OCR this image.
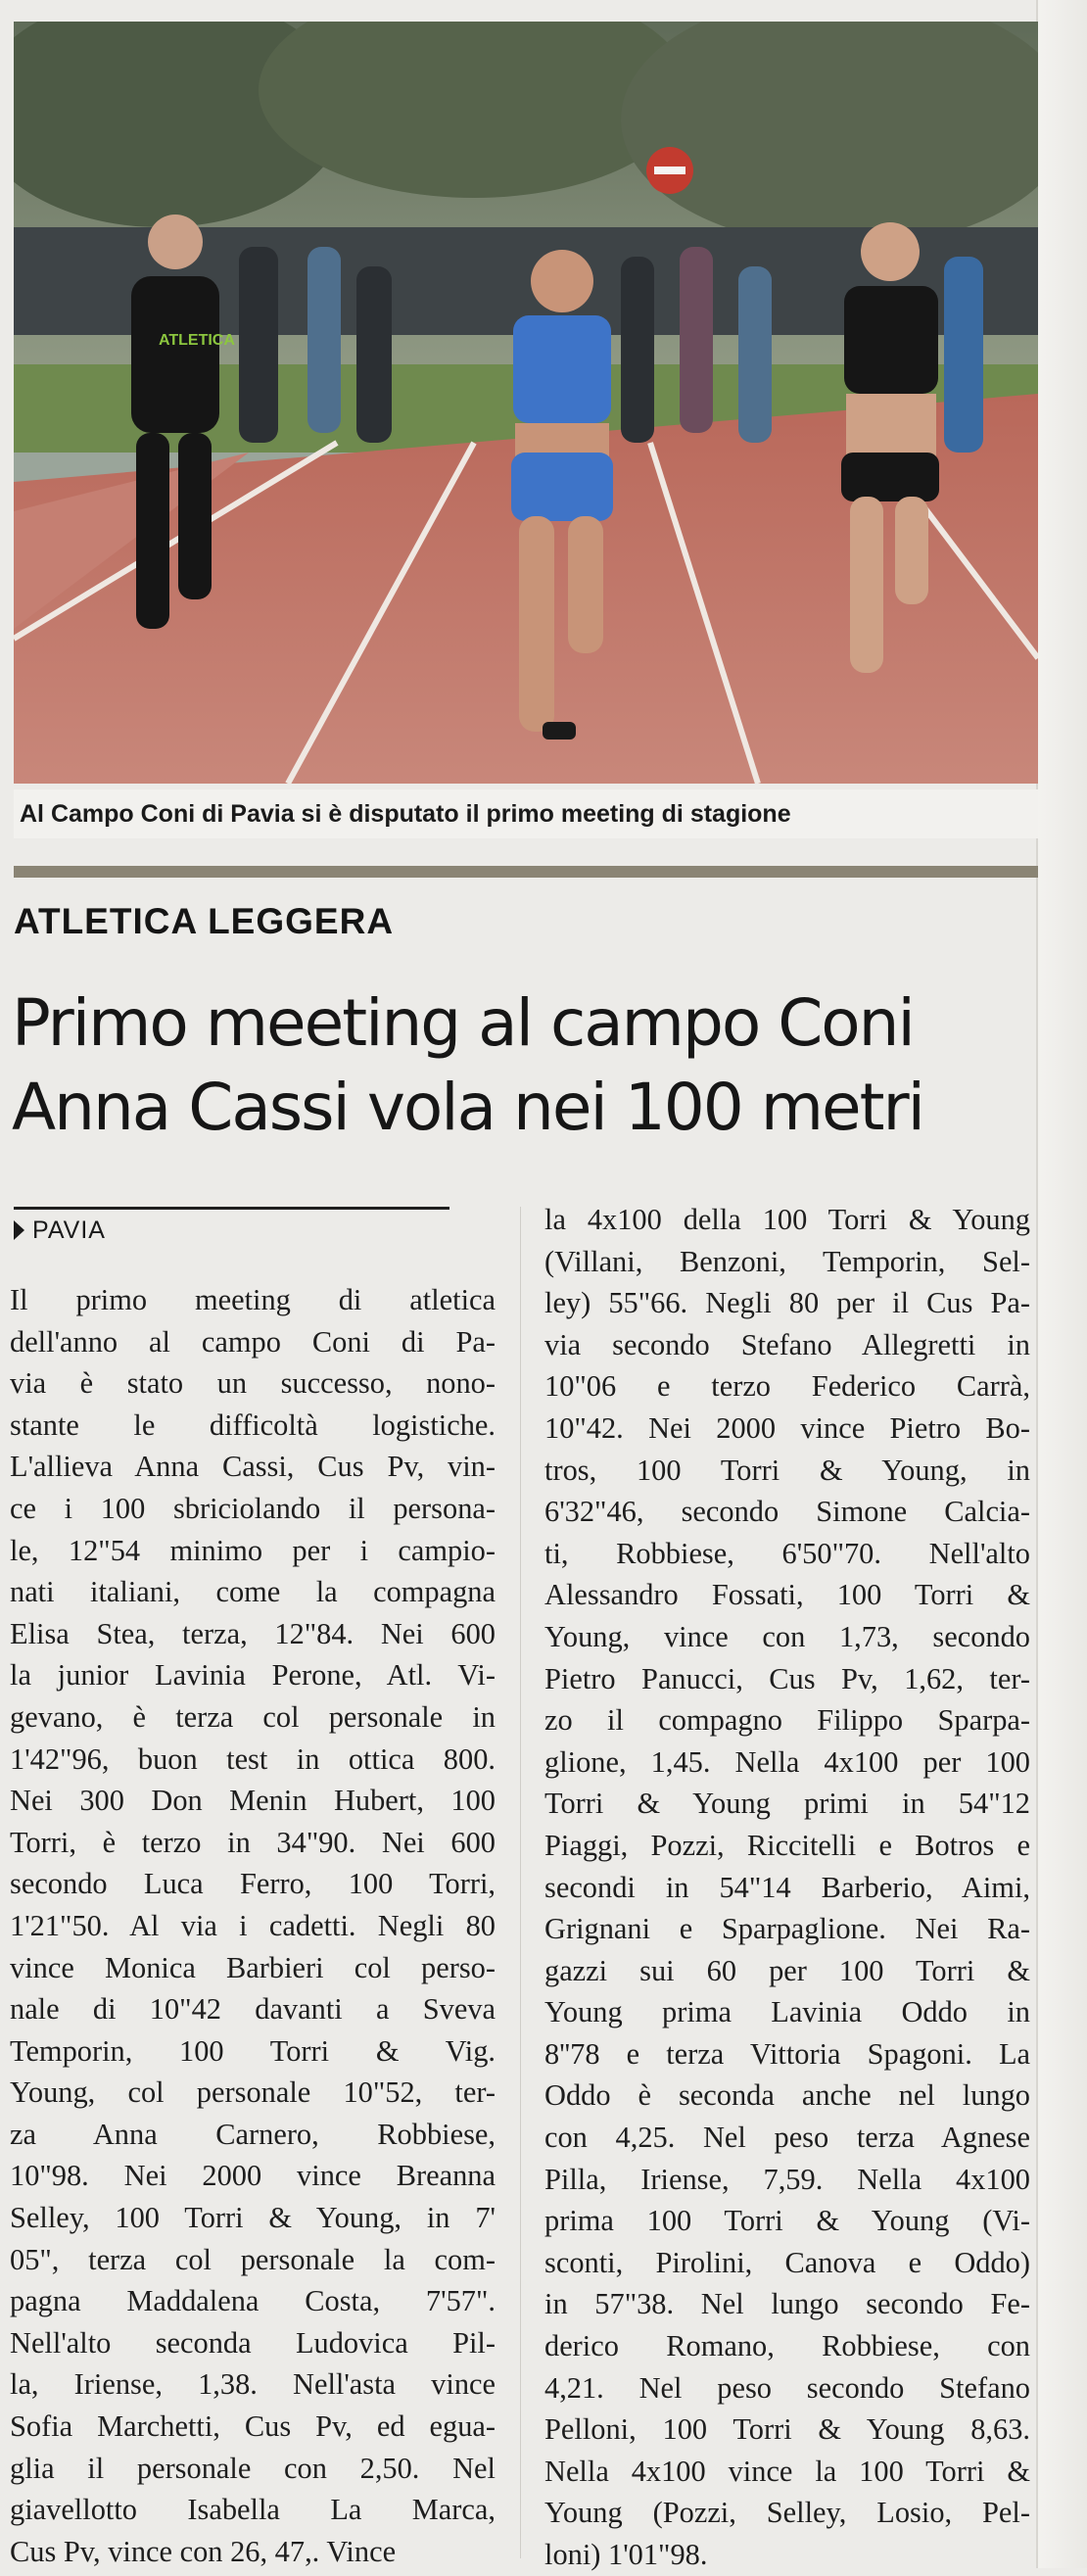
ATLETICA
Al Campo Coni di Pavia si è disputato il primo meeting di stagione
ATLETICA LEGGERA
Primo meeting al campo Coni
Anna Cassi vola nei 100 metri
PAVIA
Il primo meeting di atletica
dell'anno al campo Coni di Pa-
via è stato un successo, nono-
stante le difficoltà logistiche.
L'allieva Anna Cassi, Cus Pv, vin-
ce i 100 sbriciolando il persona-
le, 12"54 minimo per i campio-
nati italiani, come la compagna
Elisa Stea, terza, 12"84. Nei 600
la junior Lavinia Perone, Atl. Vi-
gevano, è terza col personale in
1'42"96, buon test in ottica 800.
Nei 300 Don Menin Hubert, 100
Torri, è terzo in 34"90. Nei 600
secondo Luca Ferro, 100 Torri,
1'21"50. Al via i cadetti. Negli 80
vince Monica Barbieri col perso-
nale di 10"42 davanti a Sveva
Temporin, 100 Torri & Vig.
Young, col personale 10"52, ter-
za Anna Carnero, Robbiese,
10"98. Nei 2000 vince Breanna
Selley, 100 Torri & Young, in 7'
05", terza col personale la com-
pagna Maddalena Costa, 7'57".
Nell'alto seconda Ludovica Pil-
la, Iriense, 1,38. Nell'asta vince
Sofia Marchetti, Cus Pv, ed egua-
glia il personale con 2,50. Nel
giavellotto Isabella La Marca,
Cus Pv, vince con 26, 47,. Vince
la 4x100 della 100 Torri & Young
(Villani, Benzoni, Temporin, Sel-
ley) 55"66. Negli 80 per il Cus Pa-
via secondo Stefano Allegretti in
10"06 e terzo Federico Carrà,
10"42. Nei 2000 vince Pietro Bo-
tros, 100 Torri & Young, in
6'32"46, secondo Simone Calcia-
ti, Robbiese, 6'50"70. Nell'alto
Alessandro Fossati, 100 Torri &
Young, vince con 1,73, secondo
Pietro Panucci, Cus Pv, 1,62, ter-
zo il compagno Filippo Sparpa-
glione, 1,45. Nella 4x100 per 100
Torri & Young primi in 54"12
Piaggi, Pozzi, Riccitelli e Botros e
secondi in 54"14 Barberio, Aimi,
Grignani e Sparpaglione. Nei Ra-
gazzi sui 60 per 100 Torri &
Young prima Lavinia Oddo in
8''78 e terza Vittoria Spagoni. La
Oddo è seconda anche nel lungo
con 4,25. Nel peso terza Agnese
Pilla, Iriense, 7,59. Nella 4x100
prima 100 Torri & Young (Vi-
sconti, Pirolini, Canova e Oddo)
in 57"38. Nel lungo secondo Fe-
derico Romano, Robbiese, con
4,21. Nel peso secondo Stefano
Pelloni, 100 Torri & Young 8,63.
Nella 4x100 vince la 100 Torri &
Young (Pozzi, Selley, Losio, Pel-
loni) 1'01"98.
